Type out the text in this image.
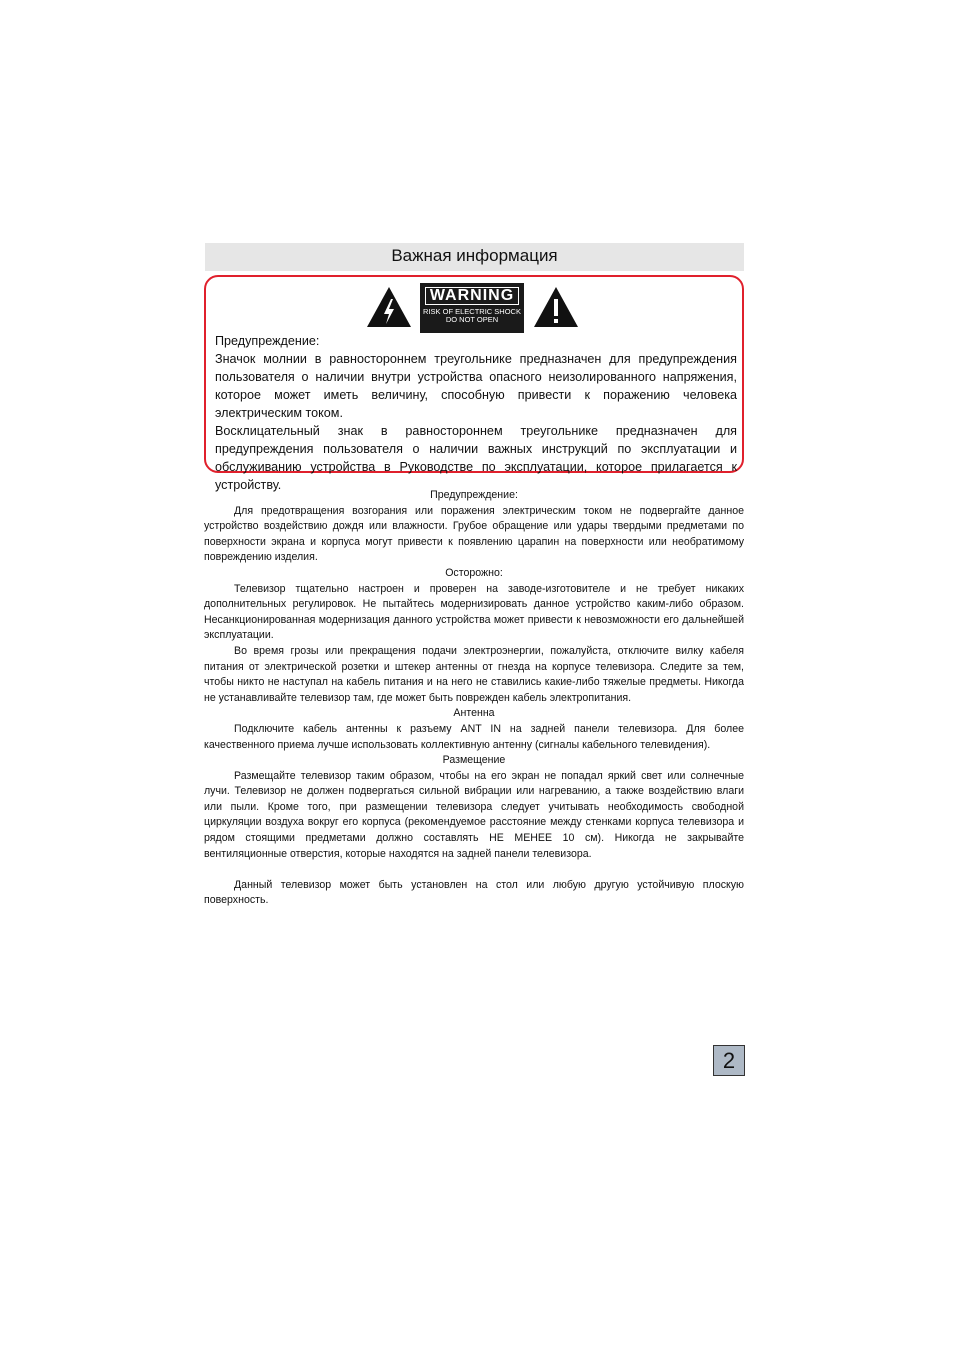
Важная информация
WARNING
RISK OF ELECTRIC SHOCK
DO NOT OPEN

Предупреждение:

Значок молнии в равностороннем треугольнике предназначен для предупреждения пользователя о наличии внутри устройства опасного неизолированного напряжения, которое может иметь величину, способную привести к поражению человека электрическим током.

Восклицательный знак в равностороннем треугольнике предназначен для предупреждения пользователя о наличии важных инструкций по эксплуатации и обслуживанию устройства в Руководстве по эксплуатации, которое прилагается к устройству.

Предупреждение:

Для предотвращения возгорания или поражения электрическим током не подвергайте данное устройство воздействию дождя или влажности. Грубое обращение или удары твердыми предметами по поверхности экрана и корпуса могут привести к появлению царапин на поверхности или необратимому повреждению изделия.

Осторожно:

Телевизор тщательно настроен и проверен на заводе-изготовителе и не требует никаких дополнительных регулировок. Не пытайтесь модернизировать данное устройство каким-либо образом. Несанкционированная модернизация данного устройства может привести к невозможности его дальнейшей эксплуатации.

Во время грозы или прекращения подачи электроэнергии, пожалуйста, отключите вилку кабеля питания от электрической розетки и штекер антенны от гнезда на корпусе телевизора. Следите за тем, чтобы никто не наступал на кабель питания и на него не ставились какие-либо тяжелые предметы. Никогда не устанавливайте телевизор там, где может быть поврежден кабель электропитания.

Антенна

Подключите кабель антенны к разъему ANT IN на задней панели телевизора. Для более качественного приема лучше использовать коллективную антенну (сигналы кабельного телевидения).

Размещение

Размещайте телевизор таким образом, чтобы на его экран не попадал яркий свет или солнечные лучи. Телевизор не должен подвергаться сильной вибрации или нагреванию, а также воздействию влаги или пыли. Кроме того, при размещении телевизора следует учитывать необходимость свободной циркуляции воздуха вокруг его корпуса (рекомендуемое расстояние между стенками корпуса телевизора и рядом стоящими предметами должно составлять НЕ МЕНЕЕ 10 см). Никогда не закрывайте вентиляционные отверстия, которые находятся на задней панели телевизора.

Данный телевизор может быть установлен на стол или любую другую устойчивую плоскую поверхность.

2
